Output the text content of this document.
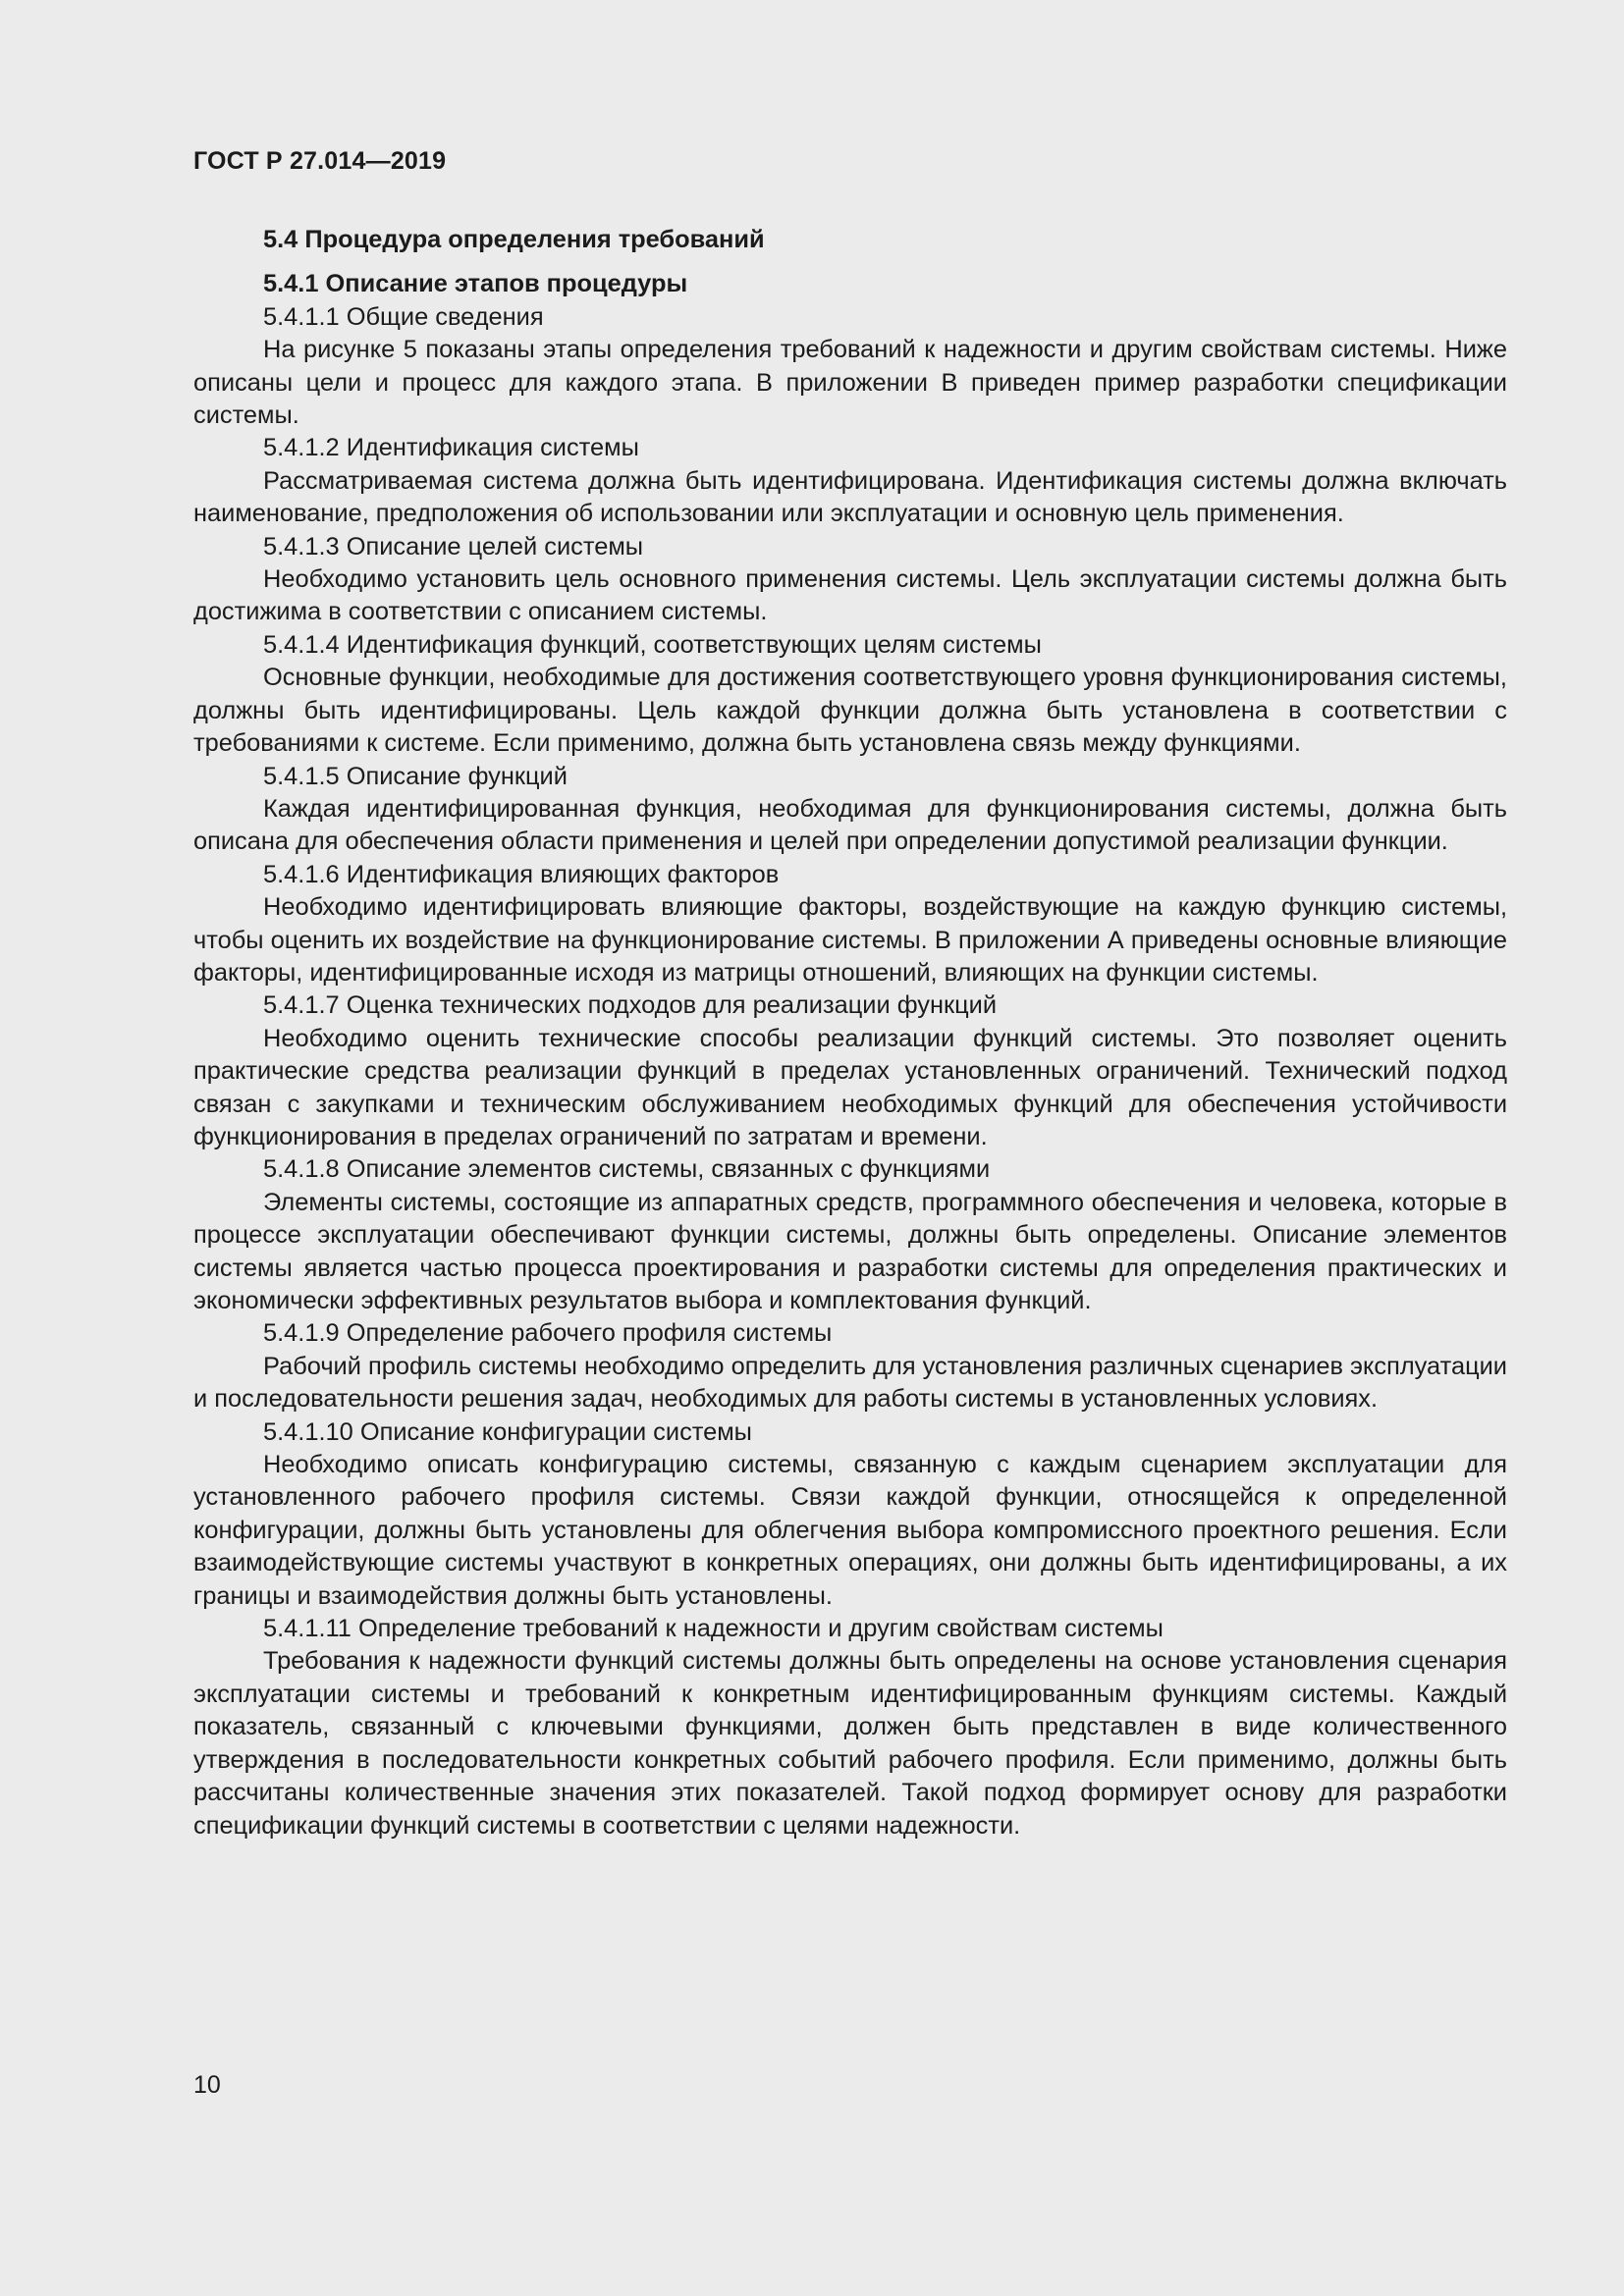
ГОСТ Р 27.014—2019

5.4 Процедура определения требований

5.4.1 Описание этапов процедуры

5.4.1.1 Общие сведения

На рисунке 5 показаны этапы определения требований к надежности и другим свойствам системы. Ниже описаны цели и процесс для каждого этапа. В приложении В приведен пример разработки спецификации системы.

5.4.1.2 Идентификация системы

Рассматриваемая система должна быть идентифицирована. Идентификация системы должна включать наименование, предположения об использовании или эксплуатации и основную цель применения.

5.4.1.3 Описание целей системы

Необходимо установить цель основного применения системы. Цель эксплуатации системы должна быть достижима в соответствии с описанием системы.

5.4.1.4 Идентификация функций, соответствующих целям системы

Основные функции, необходимые для достижения соответствующего уровня функционирования системы, должны быть идентифицированы. Цель каждой функции должна быть установлена в соответствии с требованиями к системе. Если применимо, должна быть установлена связь между функциями.

5.4.1.5 Описание функций

Каждая идентифицированная функция, необходимая для функционирования системы, должна быть описана для обеспечения области применения и целей при определении допустимой реализации функции.

5.4.1.6 Идентификация влияющих факторов

Необходимо идентифицировать влияющие факторы, воздействующие на каждую функцию системы, чтобы оценить их воздействие на функционирование системы. В приложении А приведены основные влияющие факторы, идентифицированные исходя из матрицы отношений, влияющих на функции системы.

5.4.1.7 Оценка технических подходов для реализации функций

Необходимо оценить технические способы реализации функций системы. Это позволяет оценить практические средства реализации функций в пределах установленных ограничений. Технический подход связан с закупками и техническим обслуживанием необходимых функций для обеспечения устойчивости функционирования в пределах ограничений по затратам и времени.

5.4.1.8 Описание элементов системы, связанных с функциями

Элементы системы, состоящие из аппаратных средств, программного обеспечения и человека, которые в процессе эксплуатации обеспечивают функции системы, должны быть определены. Описание элементов системы является частью процесса проектирования и разработки системы для определения практических и экономически эффективных результатов выбора и комплектования функций.

5.4.1.9 Определение рабочего профиля системы

Рабочий профиль системы необходимо определить для установления различных сценариев эксплуатации и последовательности решения задач, необходимых для работы системы в установленных условиях.

5.4.1.10 Описание конфигурации системы

Необходимо описать конфигурацию системы, связанную с каждым сценарием эксплуатации для установленного рабочего профиля системы. Связи каждой функции, относящейся к определенной конфигурации, должны быть установлены для облегчения выбора компромиссного проектного решения. Если взаимодействующие системы участвуют в конкретных операциях, они должны быть идентифицированы, а их границы и взаимодействия должны быть установлены.

5.4.1.11 Определение требований к надежности и другим свойствам системы

Требования к надежности функций системы должны быть определены на основе установления сценария эксплуатации системы и требований к конкретным идентифицированным функциям системы. Каждый показатель, связанный с ключевыми функциями, должен быть представлен в виде количественного утверждения в последовательности конкретных событий рабочего профиля. Если применимо, должны быть рассчитаны количественные значения этих показателей. Такой подход формирует основу для разработки спецификации функций системы в соответствии с целями надежности.

10
